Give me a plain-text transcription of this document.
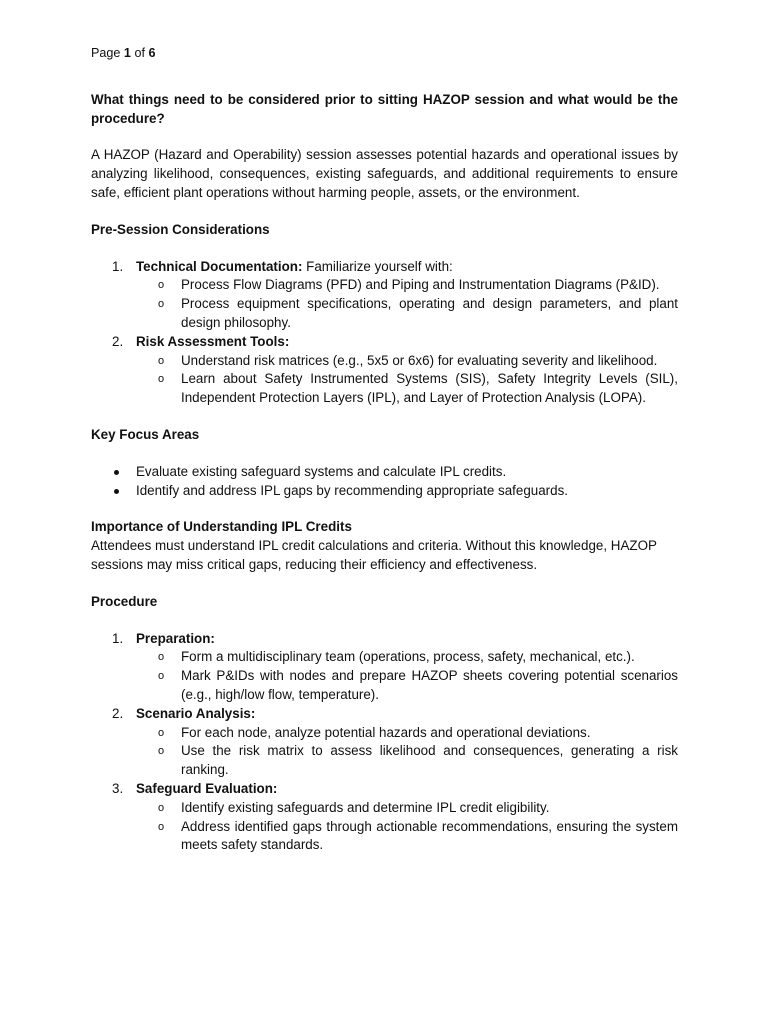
Page 1 of 6

What things need to be considered prior to sitting HAZOP session and what would be the procedure?

A HAZOP (Hazard and Operability) session assesses potential hazards and operational issues by analyzing likelihood, consequences, existing safeguards, and additional requirements to ensure safe, efficient plant operations without harming people, assets, or the environment.

Pre-Session Considerations

1. Technical Documentation: Familiarize yourself with:
o Process Flow Diagrams (PFD) and Piping and Instrumentation Diagrams (P&ID).
o Process equipment specifications, operating and design parameters, and plant design philosophy.
2. Risk Assessment Tools:
o Understand risk matrices (e.g., 5x5 or 6x6) for evaluating severity and likelihood.
o Learn about Safety Instrumented Systems (SIS), Safety Integrity Levels (SIL), Independent Protection Layers (IPL), and Layer of Protection Analysis (LOPA).

Key Focus Areas

Evaluate existing safeguard systems and calculate IPL credits.
Identify and address IPL gaps by recommending appropriate safeguards.

Importance of Understanding IPL Credits

Attendees must understand IPL credit calculations and criteria. Without this knowledge, HAZOP sessions may miss critical gaps, reducing their efficiency and effectiveness.

Procedure

1. Preparation:
o Form a multidisciplinary team (operations, process, safety, mechanical, etc.).
o Mark P&IDs with nodes and prepare HAZOP sheets covering potential scenarios (e.g., high/low flow, temperature).
2. Scenario Analysis:
o For each node, analyze potential hazards and operational deviations.
o Use the risk matrix to assess likelihood and consequences, generating a risk ranking.
3. Safeguard Evaluation:
o Identify existing safeguards and determine IPL credit eligibility.
o Address identified gaps through actionable recommendations, ensuring the system meets safety standards.
